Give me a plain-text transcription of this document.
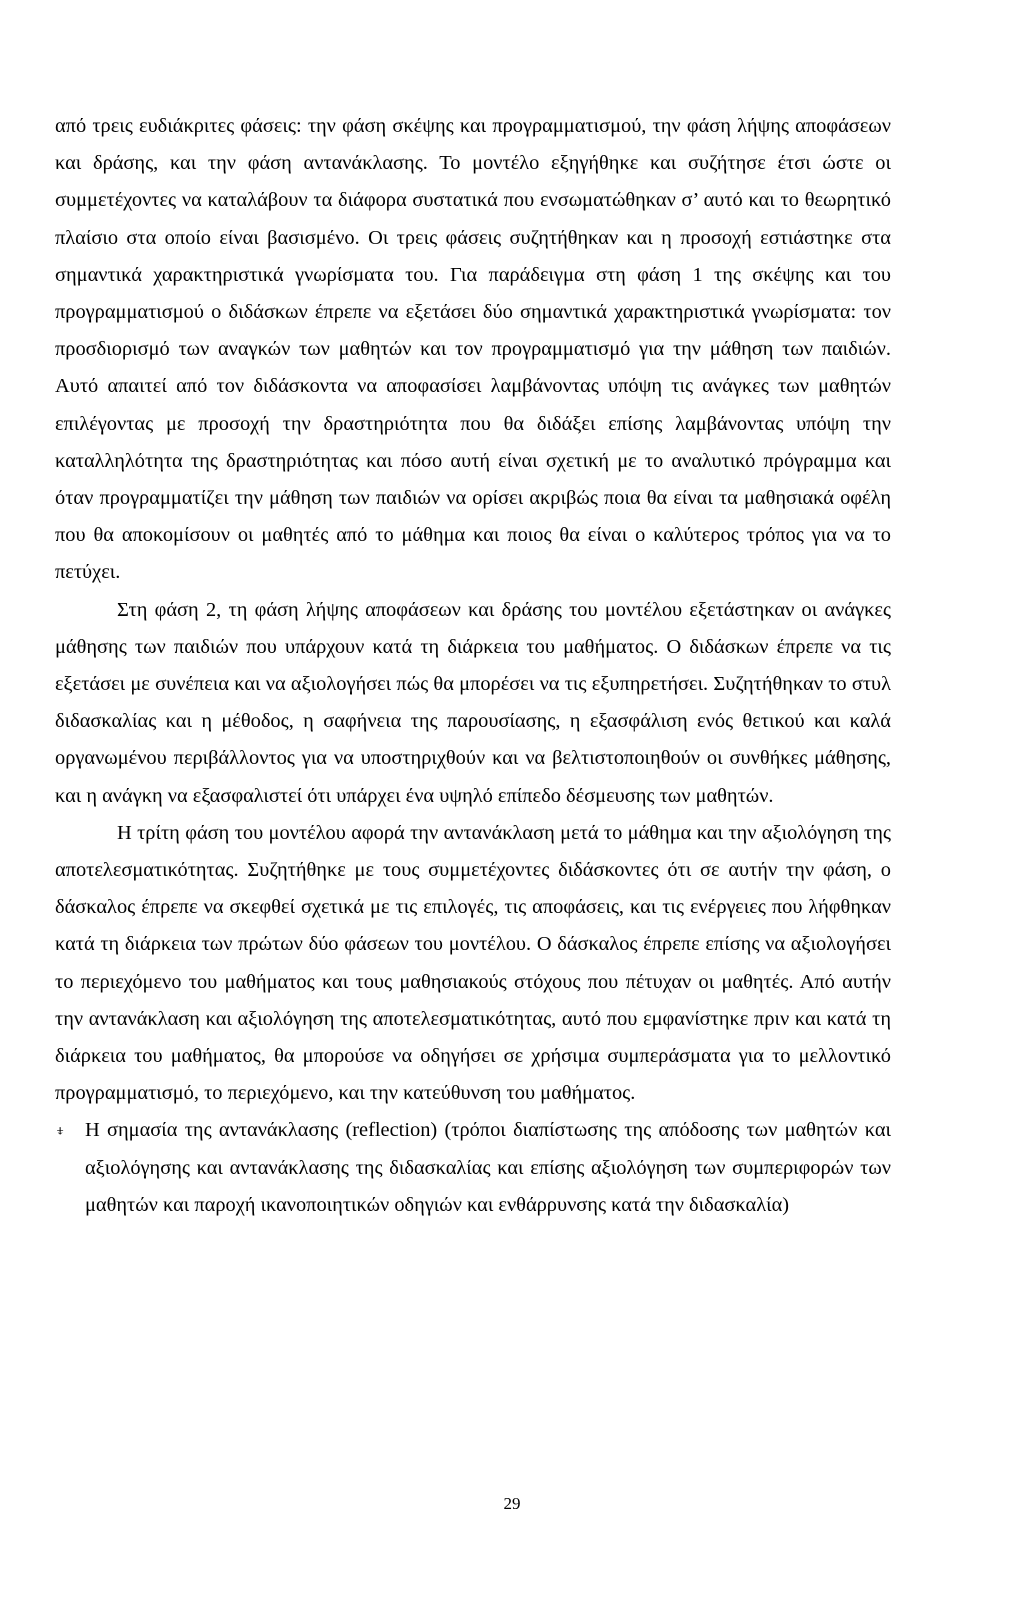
από τρεις ευδιάκριτες φάσεις: την φάση σκέψης και προγραμματισμού, την φάση λήψης αποφάσεων και δράσης, και την φάση αντανάκλασης. Το μοντέλο εξηγήθηκε και συζήτησε έτσι ώστε οι συμμετέχοντες να καταλάβουν τα διάφορα συστατικά που ενσωματώθηκαν σ’ αυτό και το θεωρητικό πλαίσιο στα οποίο είναι βασισμένο. Οι τρεις φάσεις συζητήθηκαν και η προσοχή εστιάστηκε στα σημαντικά χαρακτηριστικά γνωρίσματα του. Για παράδειγμα στη φάση 1 της σκέψης και του προγραμματισμού ο διδάσκων έπρεπε να εξετάσει δύο σημαντικά χαρακτηριστικά γνωρίσματα: τον προσδιορισμό των αναγκών των μαθητών και τον προγραμματισμό για την μάθηση των παιδιών. Αυτό απαιτεί από τον διδάσκοντα να αποφασίσει λαμβάνοντας υπόψη τις ανάγκες των μαθητών επιλέγοντας με προσοχή την δραστηριότητα που θα διδάξει επίσης λαμβάνοντας υπόψη την καταλληλότητα της δραστηριότητας και πόσο αυτή είναι σχετική με το αναλυτικό πρόγραμμα και όταν προγραμματίζει την μάθηση των παιδιών να ορίσει ακριβώς ποια θα είναι τα μαθησιακά οφέλη που θα αποκομίσουν οι μαθητές από το μάθημα και ποιος θα είναι ο καλύτερος τρόπος για να το πετύχει.

Στη φάση 2, τη φάση λήψης αποφάσεων και δράσης του μοντέλου εξετάστηκαν οι ανάγκες μάθησης των παιδιών που υπάρχουν κατά τη διάρκεια του μαθήματος. Ο διδάσκων έπρεπε να τις εξετάσει με συνέπεια και να αξιολογήσει πώς θα μπορέσει να τις εξυπηρετήσει. Συζητήθηκαν το στυλ διδασκαλίας και η μέθοδος, η σαφήνεια της παρουσίασης, η εξασφάλιση ενός θετικού και καλά οργανωμένου περιβάλλοντος για να υποστηριχθούν και να βελτιστοποιηθούν οι συνθήκες μάθησης, και η ανάγκη να εξασφαλιστεί ότι υπάρχει ένα υψηλό επίπεδο δέσμευσης των μαθητών.

Η τρίτη φάση του μοντέλου αφορά την αντανάκλαση μετά το μάθημα και την αξιολόγηση της αποτελεσματικότητας. Συζητήθηκε με τους συμμετέχοντες διδάσκοντες ότι σε αυτήν την φάση, ο δάσκαλος έπρεπε να σκεφθεί σχετικά με τις επιλογές, τις αποφάσεις, και τις ενέργειες που λήφθηκαν κατά τη διάρκεια των πρώτων δύο φάσεων του μοντέλου. Ο δάσκαλος έπρεπε επίσης να αξιολογήσει το περιεχόμενο του μαθήματος και τους μαθησιακούς στόχους που πέτυχαν οι μαθητές. Από αυτήν την αντανάκλαση και αξιολόγηση της αποτελεσματικότητας, αυτό που εμφανίστηκε πριν και κατά τη διάρκεια του μαθήματος, θα μπορούσε να οδηγήσει σε χρήσιμα συμπεράσματα για το μελλοντικό προγραμματισμό, το περιεχόμενο, και την κατεύθυνση του μαθήματος.

⍖ Η σημασία της αντανάκλασης (reflection) (τρόποι διαπίστωσης της απόδοσης των μαθητών και αξιολόγησης και αντανάκλασης της διδασκαλίας και επίσης αξιολόγηση των συμπεριφορών των μαθητών και παροχή ικανοποιητικών οδηγιών και ενθάρρυνσης κατά την διδασκαλία)

29
